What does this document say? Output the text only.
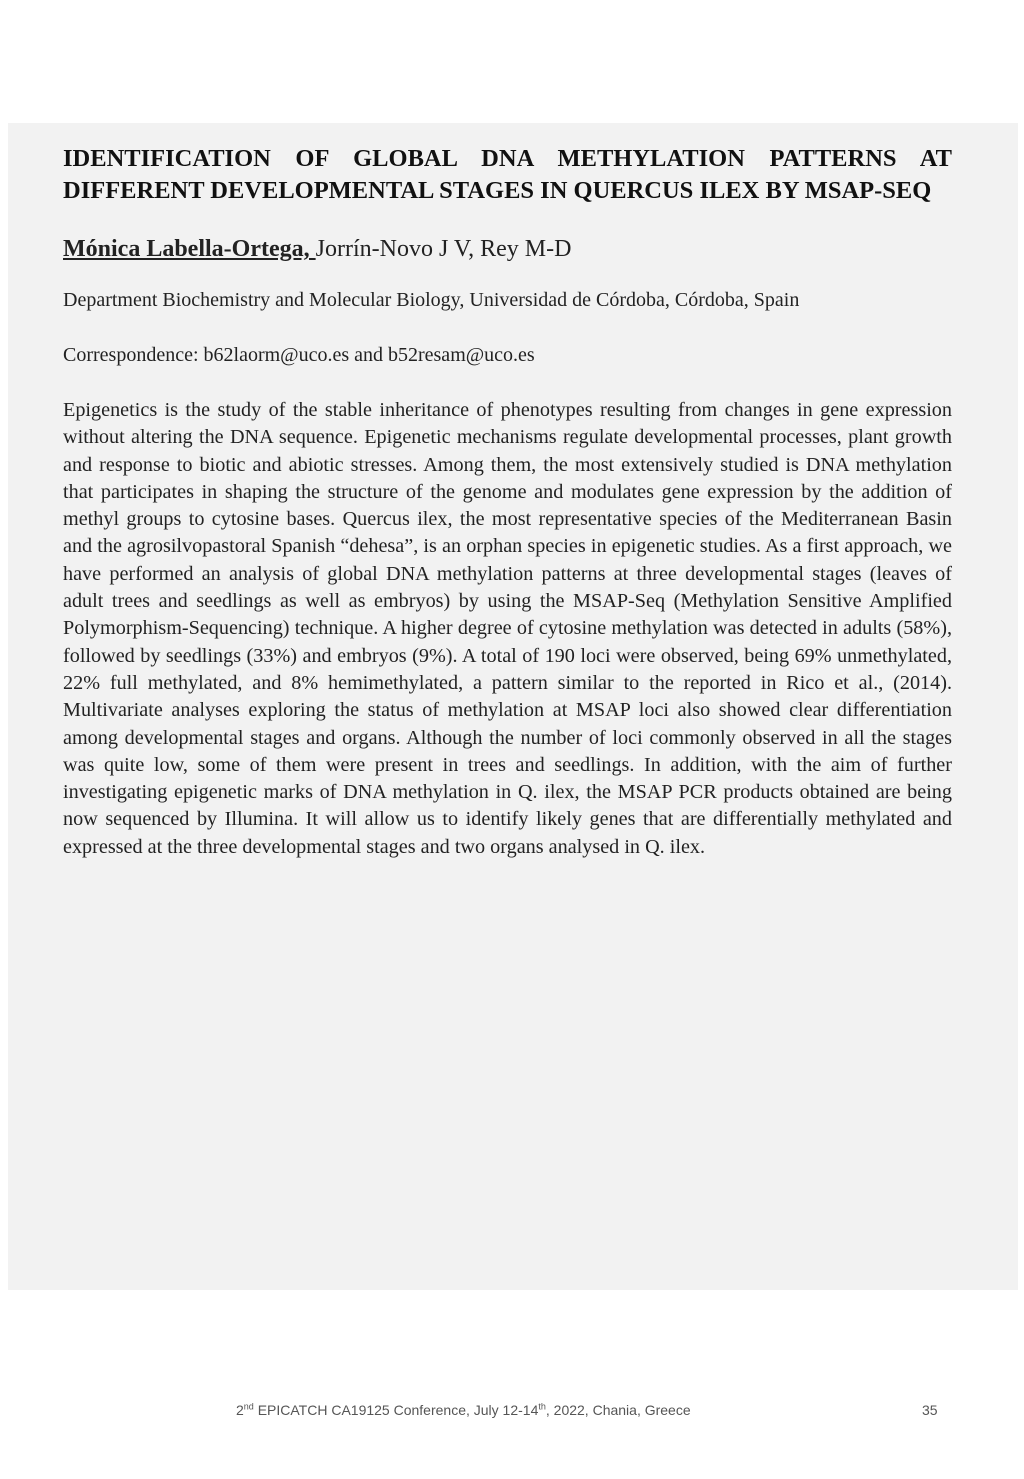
IDENTIFICATION OF GLOBAL DNA METHYLATION PATTERNS AT DIFFERENT DEVELOPMENTAL STAGES IN QUERCUS ILEX BY MSAP-SEQ

Mónica Labella-Ortega, Jorrín-Novo J V, Rey M-D

Department Biochemistry and Molecular Biology, Universidad de Córdoba, Córdoba, Spain

Correspondence: b62laorm@uco.es and b52resam@uco.es

Epigenetics is the study of the stable inheritance of phenotypes resulting from changes in gene expression without altering the DNA sequence. Epigenetic mechanisms regulate developmental processes, plant growth and response to biotic and abiotic stresses. Among them, the most extensively studied is DNA methylation that participates in shaping the structure of the genome and modulates gene expression by the addition of methyl groups to cytosine bases. Quercus ilex, the most representative species of the Mediterranean Basin and the agrosilvopastoral Spanish “dehesa”, is an orphan species in epigenetic studies. As a first approach, we have performed an analysis of global DNA methylation patterns at three developmental stages (leaves of adult trees and seedlings as well as embryos) by using the MSAP-Seq (Methylation Sensitive Amplified Polymorphism-Sequencing) technique. A higher degree of cytosine methylation was detected in adults (58%), followed by seedlings (33%) and embryos (9%). A total of 190 loci were observed, being 69% unmethylated, 22% full methylated, and 8% hemimethylated, a pattern similar to the reported in Rico et al., (2014). Multivariate analyses exploring the status of methylation at MSAP loci also showed clear differentiation among developmental stages and organs. Although the number of loci commonly observed in all the stages was quite low, some of them were present in trees and seedlings. In addition, with the aim of further investigating epigenetic marks of DNA methylation in Q. ilex, the MSAP PCR products obtained are being now sequenced by Illumina. It will allow us to identify likely genes that are differentially methylated and expressed at the three developmental stages and two organs analysed in Q. ilex.

2nd EPICATCH CA19125 Conference, July 12-14th, 2022, Chania, Greece	35
